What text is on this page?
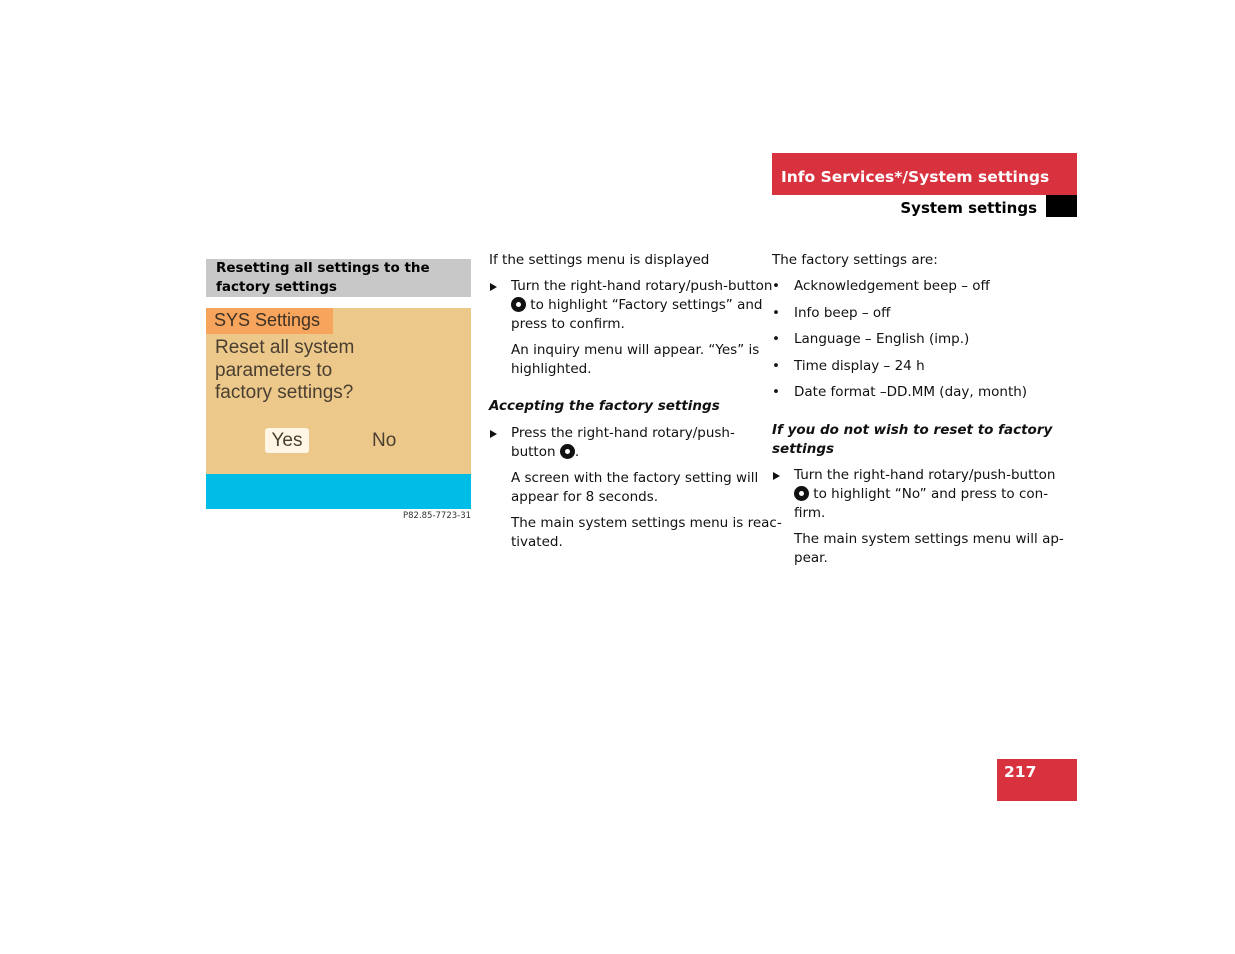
Info Services*/System settings
System settings
Resetting all settings to the
factory settings
SYS Settings
Reset all system
parameters to
factory settings?
Yes	No
P82.85-7723-31
If the settings menu is displayed
Turn the right-hand rotary/push-button
to highlight “Factory settings” and
press to confirm.
An inquiry menu will appear. “Yes” is
highlighted.
Accepting the factory settings
Press the right-hand rotary/push-
button .
A screen with the factory setting will
appear for 8 seconds.
The main system settings menu is reac-
tivated.
The factory settings are:
• Acknowledgement beep – off
• Info beep – off
• Language – English (imp.)
• Time display – 24 h
• Date format –DD.MM (day, month)
If you do not wish to reset to factory
settings
Turn the right-hand rotary/push-button
to highlight “No” and press to con-
firm.
The main system settings menu will ap-
pear.
217
